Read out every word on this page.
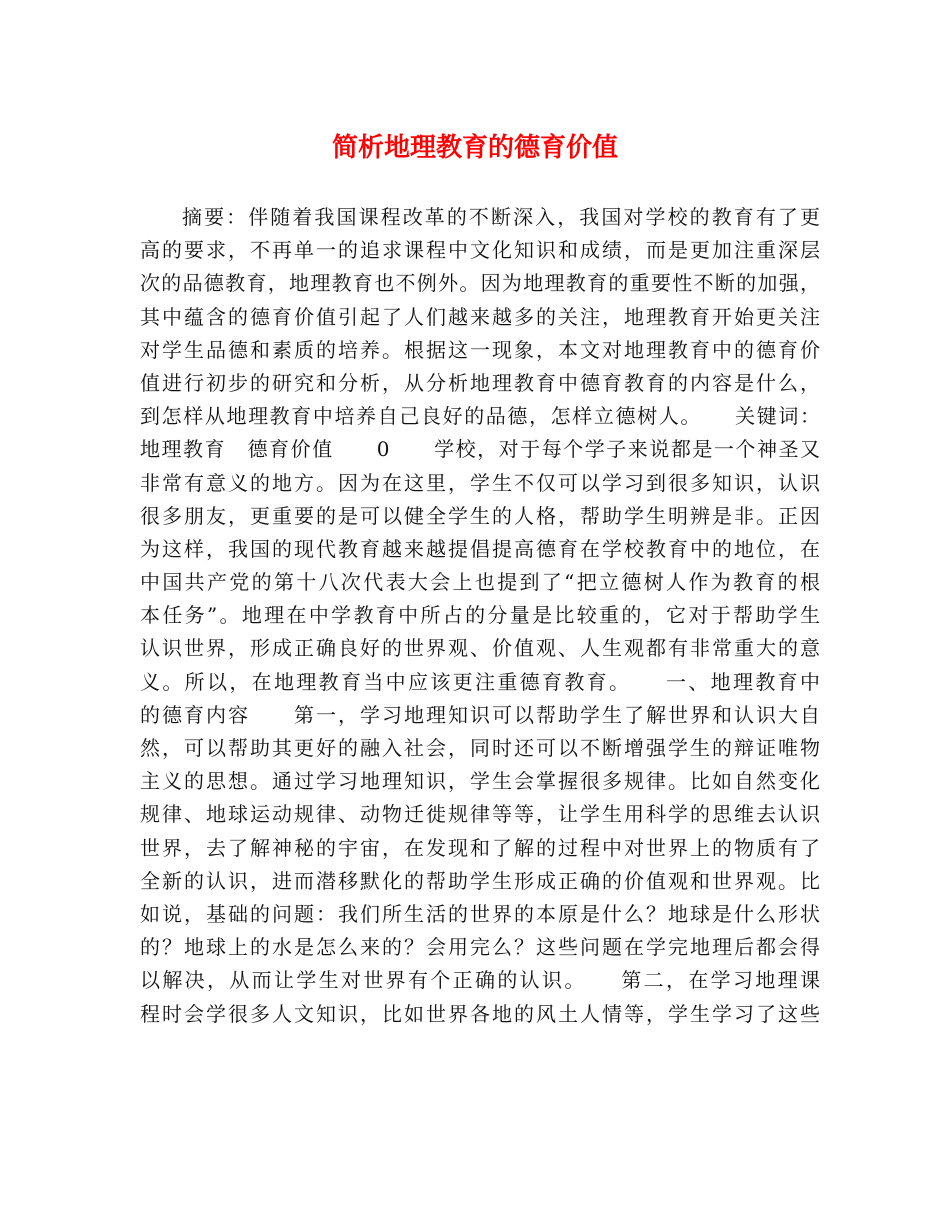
简析地理教育的德育价值
摘要：伴随着我国课程改革的不断深入，我国对学校的教育有了更
高的要求，不再单一的追求课程中文化知识和成绩，而是更加注重深层
次的品德教育，地理教育也不例外。因为地理教育的重要性不断的加强，
其中蕴含的德育价值引起了人们越来越多的关注，地理教育开始更关注
对学生品德和素质的培养。根据这一现象，本文对地理教育中的德育价
值进行初步的研究和分析，从分析地理教育中德育教育的内容是什么，
到怎样从地理教育中培养自己良好的品德，怎样立德树人。　　关键词：
地理教育　德育价值　　0　　学校，对于每个学子来说都是一个神圣又
非常有意义的地方。因为在这里，学生不仅可以学习到很多知识，认识
很多朋友，更重要的是可以健全学生的人格，帮助学生明辨是非。正因
为这样，我国的现代教育越来越提倡提高德育在学校教育中的地位，在
中国共产党的第十八次代表大会上也提到了“把立德树人作为教育的根
本任务”。地理在中学教育中所占的分量是比较重的，它对于帮助学生
认识世界，形成正确良好的世界观、价值观、人生观都有非常重大的意
义。所以，在地理教育当中应该更注重德育教育。　　一、地理教育中
的德育内容　　第一，学习地理知识可以帮助学生了解世界和认识大自
然，可以帮助其更好的融入社会，同时还可以不断增强学生的辩证唯物
主义的思想。通过学习地理知识，学生会掌握很多规律。比如自然变化
规律、地球运动规律、动物迁徙规律等等，让学生用科学的思维去认识
世界，去了解神秘的宇宙，在发现和了解的过程中对世界上的物质有了
全新的认识，进而潜移默化的帮助学生形成正确的价值观和世界观。比
如说，基础的问题：我们所生活的世界的本原是什么？地球是什么形状
的？地球上的水是怎么来的？会用完么？这些问题在学完地理后都会得
以解决，从而让学生对世界有个正确的认识。　　第二，在学习地理课
程时会学很多人文知识，比如世界各地的风土人情等，学生学习了这些
